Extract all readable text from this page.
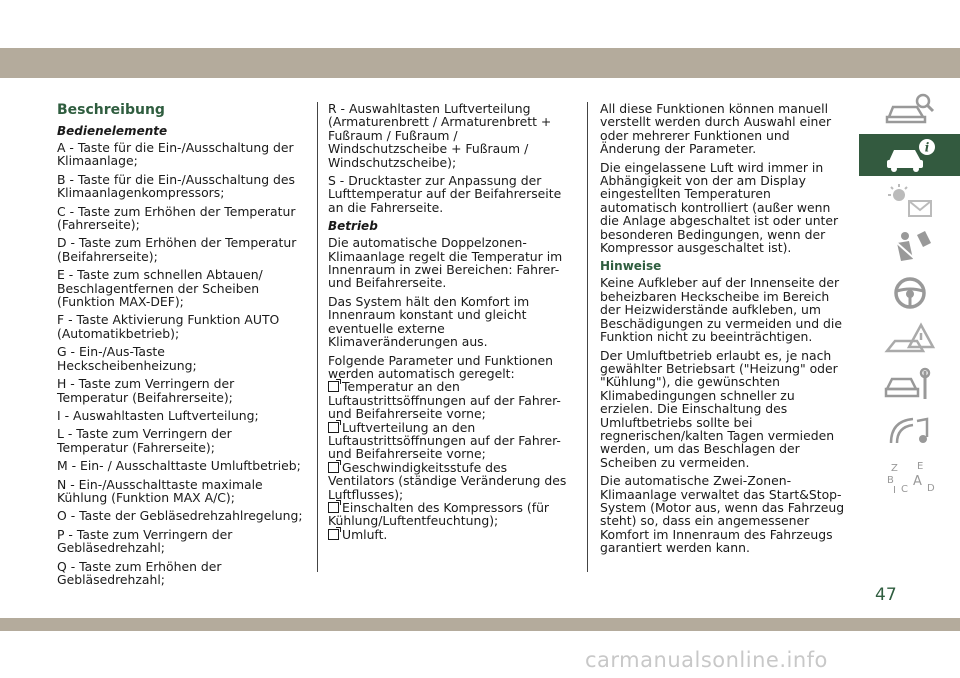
Beschreibung
Bedienelemente

A - Taste für die Ein-/Ausschaltung der Klimaanlage;

B - Taste für die Ein-/Ausschaltung des Klimaanlagenkompressors;

C - Taste zum Erhöhen der Temperatur (Fahrerseite);

D - Taste zum Erhöhen der Temperatur (Beifahrerseite);

E - Taste zum schnellen Abtauen/ Beschlagentfernen der Scheiben (Funktion MAX-DEF);

F - Taste Aktivierung Funktion AUTO (Automatikbetrieb);

G - Ein-/Aus-Taste Heckscheibenheizung;

H - Taste zum Verringern der Temperatur (Beifahrerseite);

I - Auswahltasten Luftverteilung;

L - Taste zum Verringern der Temperatur (Fahrerseite);

M - Ein- / Ausschalttaste Umluftbetrieb;

N - Ein-/Ausschalttaste maximale Kühlung (Funktion MAX A/C);

O - Taste der Gebläsedrehzahlregelung;

P - Taste zum Verringern der Gebläsedrehzahl;

Q - Taste zum Erhöhen der Gebläsedrehzahl;

R - Auswahltasten Luftverteilung (Armaturenbrett / Armaturenbrett + Fußraum / Fußraum / Windschutzscheibe + Fußraum / Windschutzscheibe);

S - Drucktaster zur Anpassung der Lufttemperatur auf der Beifahrerseite an die Fahrerseite.

Betrieb

Die automatische Doppelzonen-Klimaanlage regelt die Temperatur im Innenraum in zwei Bereichen: Fahrer- und Beifahrerseite.

Das System hält den Komfort im Innenraum konstant und gleicht eventuelle externe Klimaveränderungen aus.

Folgende Parameter und Funktionen werden automatisch geregelt:

Temperatur an den Luftaustrittsöffnungen auf der Fahrer- und Beifahrerseite vorne;
Luftverteilung an den Luftaustrittsöffnungen auf der Fahrer- und Beifahrerseite vorne;
Geschwindigkeitsstufe des Ventilators (ständige Veränderung des Luftflusses);
Einschalten des Kompressors (für Kühlung/Luftentfeuchtung);
Umluft.

All diese Funktionen können manuell verstellt werden durch Auswahl einer oder mehrerer Funktionen und Änderung der Parameter.

Die eingelassene Luft wird immer in Abhängigkeit von der am Display eingestellten Temperaturen automatisch kontrolliert (außer wenn die Anlage abgeschaltet ist oder unter besonderen Bedingungen, wenn der Kompressor ausgeschaltet ist).

Hinweise

Keine Aufkleber auf der Innenseite der beheizbaren Heckscheibe im Bereich der Heizwiderstände aufkleben, um Beschädigungen zu vermeiden und die Funktion nicht zu beeinträchtigen.

Der Umluftbetrieb erlaubt es, je nach gewählter Betriebsart ("Heizung" oder "Kühlung"), die gewünschten Klimabedingungen schneller zu erzielen. Die Einschaltung des Umluftbetriebs sollte bei regnerischen/kalten Tagen vermieden werden, um das Beschlagen der Scheiben zu vermeiden.

Die automatische Zwei-Zonen-Klimaanlage verwaltet das Start&Stop-System (Motor aus, wenn das Fahrzeug steht) so, dass ein angemessener Komfort im Innenraum des Fahrzeugs garantiert werden kann.

i
Z E
B A
I C D
47
carmanualsonline.info
